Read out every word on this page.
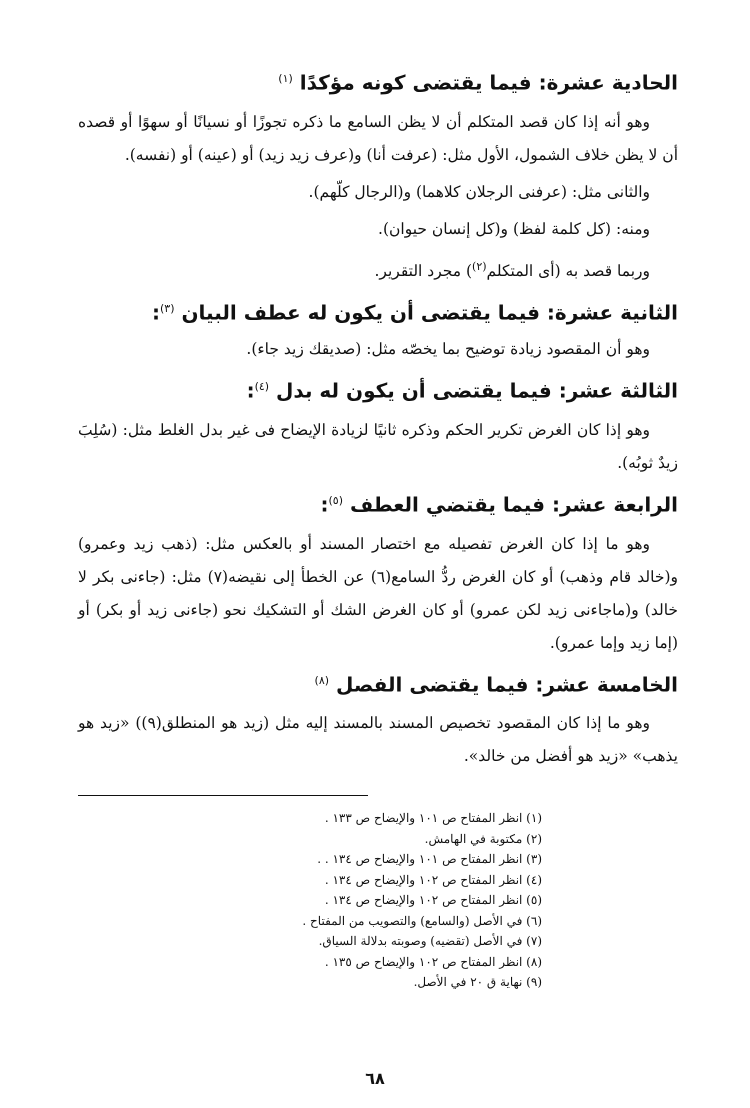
الحادية عشرة: فيما يقتضى كونه مؤكدًا $^{(١)}$

وهو أنه إذا كان قصد المتكلم أن لا يظن السامع ما ذكره تجوزًا أو نسيانًا أو سهوًا أو قصده أن لا يظن خلاف الشمول، الأول مثل: (عرفت أنا) و(عرف زيد زيد) أو (عينه) أو (نفسه).

والثانى مثل: (عرفنى الرجلان كلاهما) و(الرجال كلّهم).

ومنه: (كل كلمة لفظ) و(كل إنسان حيوان).

وربما قصد به (أى المتكلم$^{(٢)}$) مجرد التقرير.

الثانية عشرة: فيما يقتضى أن يكون له عطف البيان $^{(٣)}$:

وهو أن المقصود زيادة توضيح بما يخصّه مثل: (صديقك زيد جاء).

الثالثة عشر: فيما يقتضى أن يكون له بدل $^{(٤)}$:

وهو إذا كان الغرض تكرير الحكم وذكره ثانيًا لزيادة الإيضاح فى غير بدل الغلط مثل: (سُلِبَ زيدٌ ثوبُه).

الرابعة عشر: فيما يقتضي العطف $^{(٥)}$:

وهو ما إذا كان الغرض تفصيله مع اختصار المسند أو بالعكس مثل: (ذهب زيد وعمرو) و(خالد قام وذهب) أو كان الغرض ردُّ السامع(٦) عن الخطأ إلى نقيضه(٧) مثل: (جاءنى بكر لا خالد) و(ماجاءنى زيد لكن عمرو) أو كان الغرض الشك أو التشكيك نحو (جاءنى زيد أو بكر) أو (إما زيد وإما عمرو).

الخامسة عشر: فيما يقتضى الفصل $^{(٨)}$

وهو ما إذا كان المقصود تخصيص المسند بالمسند إليه مثل (زيد هو المنطلق(٩)) «زيد هو يذهب» «زيد هو أفضل من خالد».

(١) انظر المفتاح ص ١٠١ والإيضاح ص ١٣٣ .
(٢) مكتوبة في الهامش.
(٣) انظر المفتاح ص ١٠١ والإيضاح ص ١٣٤ . .
(٤) انظر المفتاح ص ١٠٢ والإيضاح ص ١٣٤ .
(٥) انظر المفتاح ص ١٠٢ والإيضاح ص ١٣٤ .
(٦) في الأصل (والسامع) والتصويب من المفتاح .
(٧) في الأصل (تقضيه) وصوبته بدلالة السياق.
(٨) انظر المفتاح ص ١٠٢ والإيضاح ص ١٣٥ .
(٩) نهاية ق ٢٠ في الأصل.
٦٨
